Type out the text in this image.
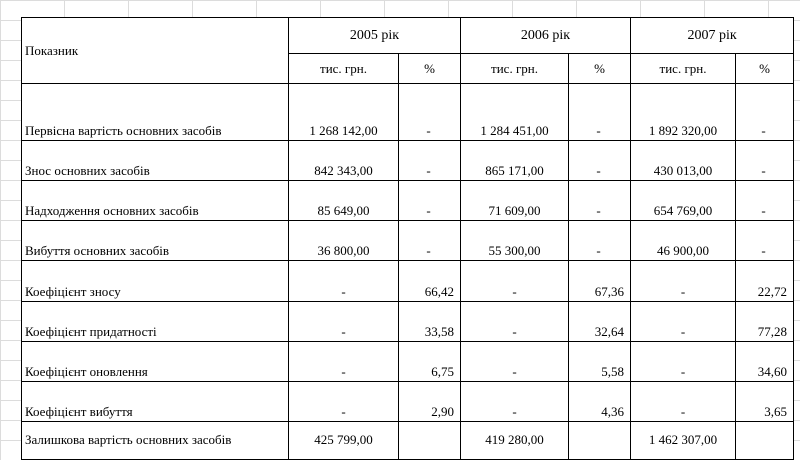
Показник	2005 рік		2006 рік		2007 рік	
	тис. грн.	%	тис. грн.	%	тис. грн.	%
Первісна вартість основних засобів	1 268 142,00	-	1 284 451,00	-	1 892 320,00	-
Знос основних засобів	842 343,00	-	865 171,00	-	430 013,00	-
Надходження основних засобів	85 649,00	-	71 609,00	-	654 769,00	-
Вибуття основних засобів	36 800,00	-	55 300,00	-	46 900,00	-
Коефіцієнт зносу	-	66,42	-	67,36	-	22,72
Коефіцієнт придатності	-	33,58	-	32,64	-	77,28
Коефіцієнт оновлення	-	6,75	-	5,58	-	34,60
Коефіцієнт вибуття	-	2,90	-	4,36	-	3,65
Залишкова вартість основних засобів	425 799,00		419 280,00		1 462 307,00	
